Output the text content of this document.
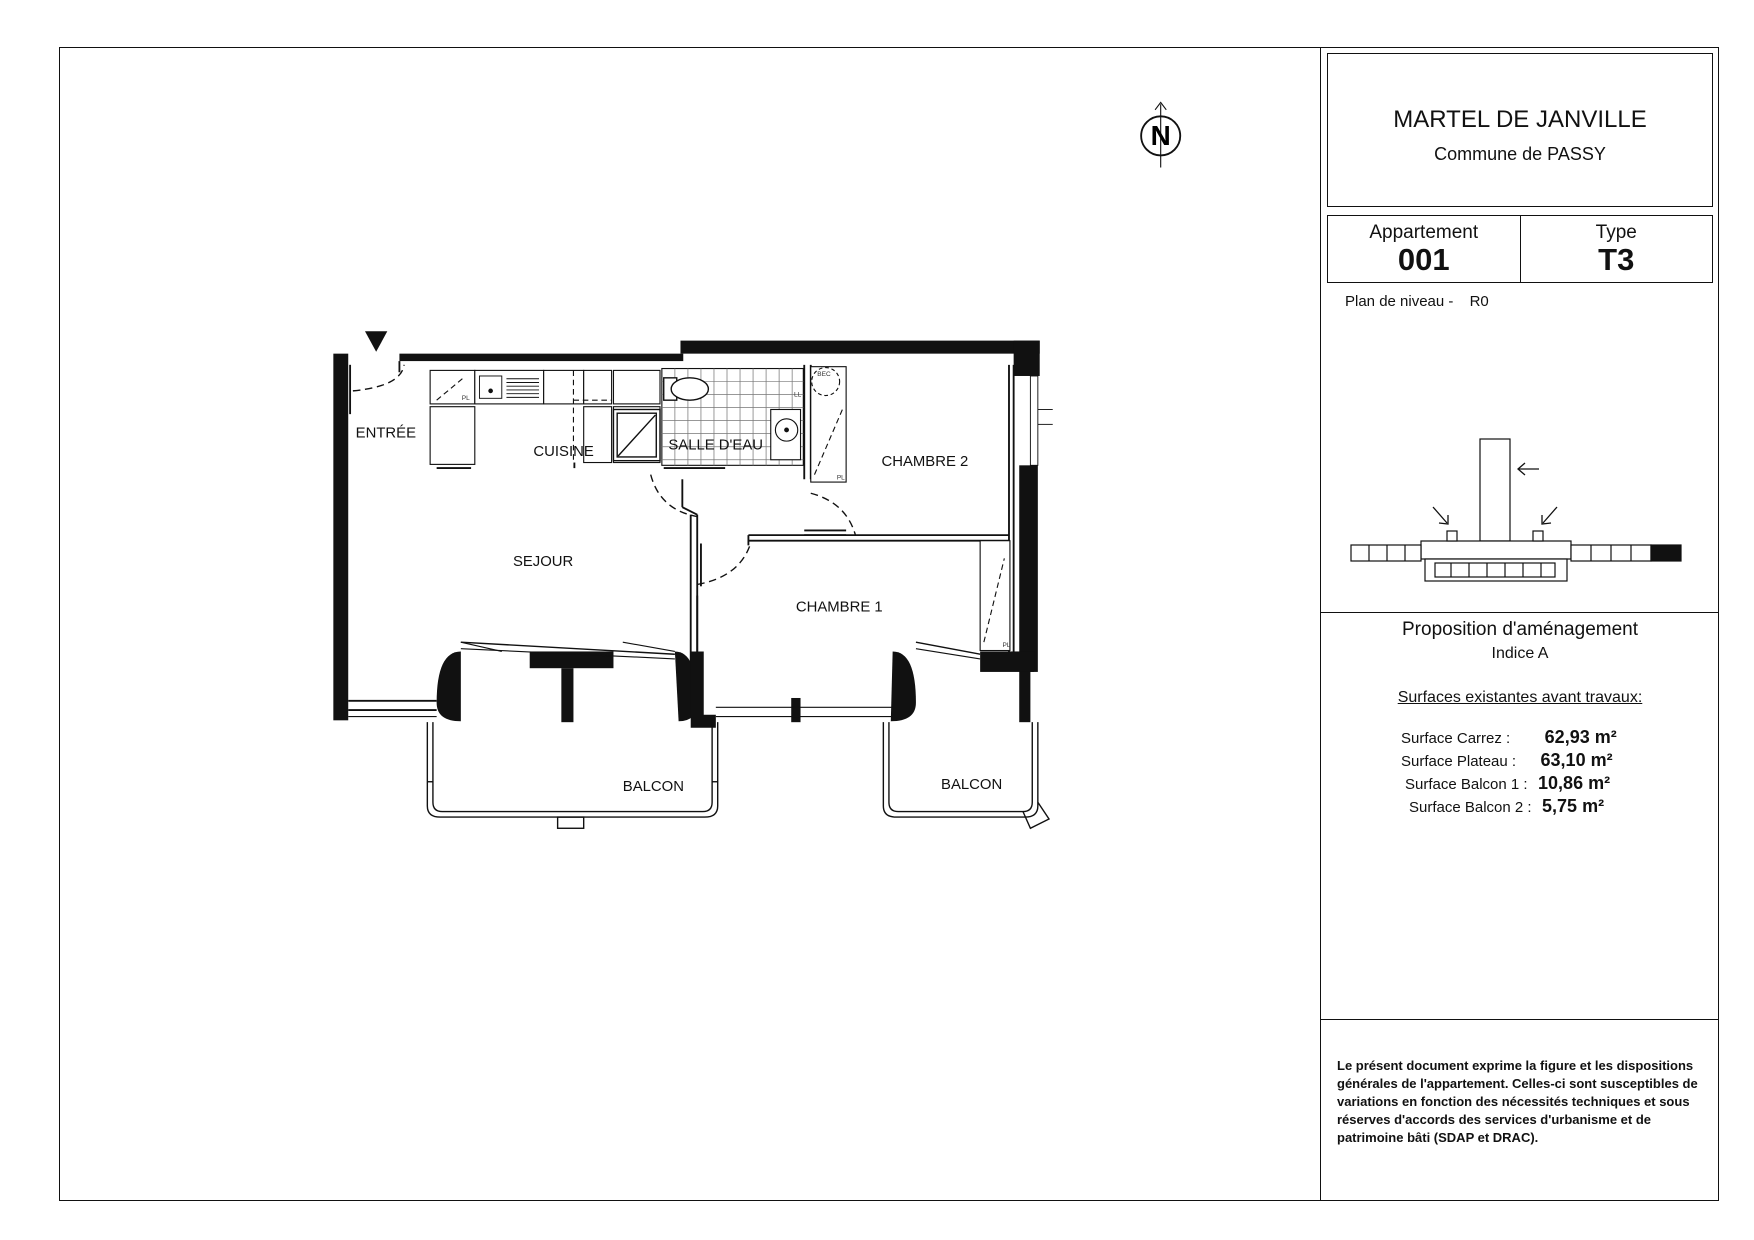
N
PL
LL
BEC
PL
PL
ENTRÉE
CUISINE	SALLE D'EAU
CHAMBRE 2
SEJOUR
CHAMBRE 1
BALCON	BALCON
MARTEL DE JANVILLE
Commune de PASSY
Appartement
001
Type
T3
Plan de niveau - R0
Proposition d'aménagement
Indice A
Surfaces existantes avant travaux:
Surface Carrez : 62,93 m²
Surface Plateau : 63,10 m²
Surface Balcon 1 : 10,86 m²
Surface Balcon 2 : 5,75 m²
Le présent document exprime la figure et les dispositions générales de l'appartement. Celles-ci sont susceptibles de variations en fonction des nécessités techniques et sous réserves d'accords des services d'urbanisme et de patrimoine bâti (SDAP et DRAC).
